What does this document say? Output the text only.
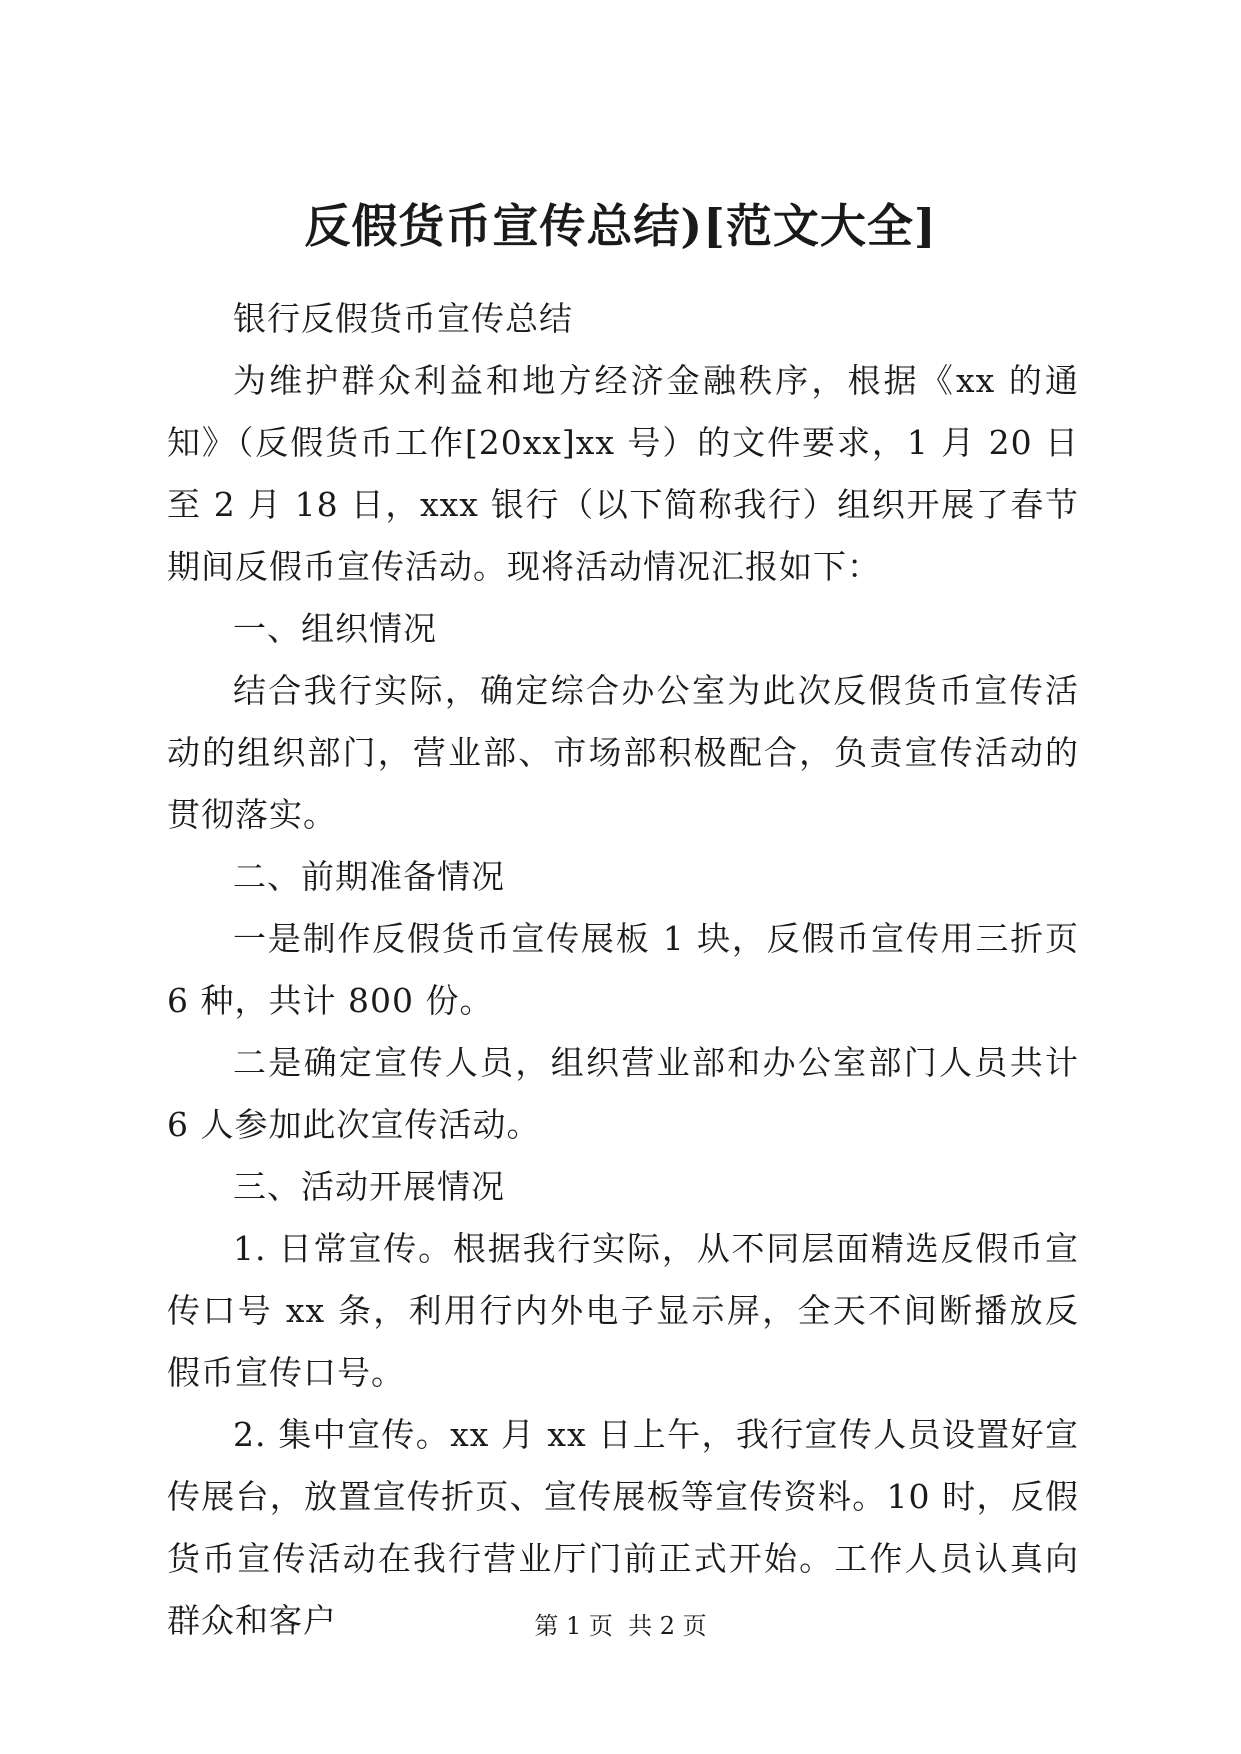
反假货币宣传总结)[范文大全]

银行反假货币宣传总结

为维护群众利益和地方经济金融秩序，根据《xx 的通知》（反假货币工作[20xx]xx 号）的文件要求，1 月 20 日至 2 月 18 日，xxx 银行（以下简称我行）组织开展了春节期间反假币宣传活动。现将活动情况汇报如下：

一、组织情况

结合我行实际，确定综合办公室为此次反假货币宣传活动的组织部门，营业部、市场部积极配合，负责宣传活动的贯彻落实。

二、前期准备情况

一是制作反假货币宣传展板 1 块，反假币宣传用三折页 6 种，共计 800 份。

二是确定宣传人员，组织营业部和办公室部门人员共计 6 人参加此次宣传活动。

三、活动开展情况

1. 日常宣传。根据我行实际，从不同层面精选反假币宣传口号 xx 条，利用行内外电子显示屏，全天不间断播放反假币宣传口号。

2. 集中宣传。xx 月 xx 日上午，我行宣传人员设置好宣传展台，放置宣传折页、宣传展板等宣传资料。10 时，反假货币宣传活动在我行营业厅门前正式开始。工作人员认真向群众和客户	第 1 页  共 2 页
